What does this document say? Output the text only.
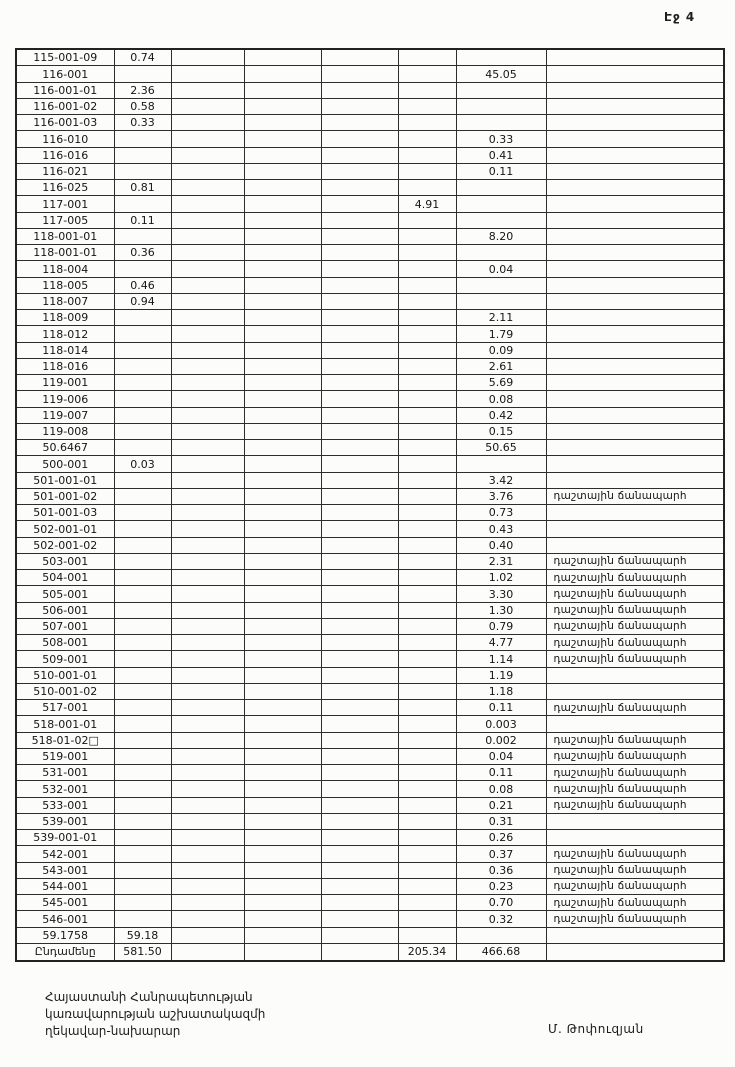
Էջ 4
115-001-09	0.74						
116-001						45.05	
116-001-01	2.36						
116-001-02	0.58						
116-001-03	0.33						
116-010						0.33	
116-016						0.41	
116-021						0.11	
116-025	0.81						
117-001					4.91		
117-005	0.11						
118-001-01						8.20	
118-001-01	0.36						
118-004						0.04	
118-005	0.46						
118-007	0.94						
118-009						2.11	
118-012						1.79	
118-014						0.09	
118-016						2.61	
119-001						5.69	
119-006						0.08	
119-007						0.42	
119-008						0.15	
50.6467						50.65	
500-001	0.03						
501-001-01						3.42	
501-001-02						3.76	դաշտային ճանապարհ
501-001-03						0.73	
502-001-01						0.43	
502-001-02						0.40	
503-001						2.31	դաշտային ճանապարհ
504-001						1.02	դաշտային ճանապարհ
505-001						3.30	դաշտային ճանապարհ
506-001						1.30	դաշտային ճանապարհ
507-001						0.79	դաշտային ճանապարհ
508-001						4.77	դաշտային ճանապարհ
509-001						1.14	դաշտային ճանապարհ
510-001-01						1.19	
510-001-02						1.18	
517-001						0.11	դաշտային ճանապարհ
518-001-01						0.003	
518-01-02□						0.002	դաշտային ճանապարհ
519-001						0.04	դաշտային ճանապարհ
531-001						0.11	դաշտային ճանապարհ
532-001						0.08	դաշտային ճանապարհ
533-001						0.21	դաշտային ճանապարհ
539-001						0.31	
539-001-01						0.26	
542-001						0.37	դաշտային ճանապարհ
543-001						0.36	դաշտային ճանապարհ
544-001						0.23	դաշտային ճանապարհ
545-001						0.70	դաշտային ճանապարհ
546-001						0.32	դաշտային ճանապարհ
59.1758	59.18						
Ընդամենը	581.50				205.34	466.68	
Հայաստանի Հանրապետության
կառավարության աշխատակազմի
ղեկավար-նախարար	Մ. Թոփուզյան
